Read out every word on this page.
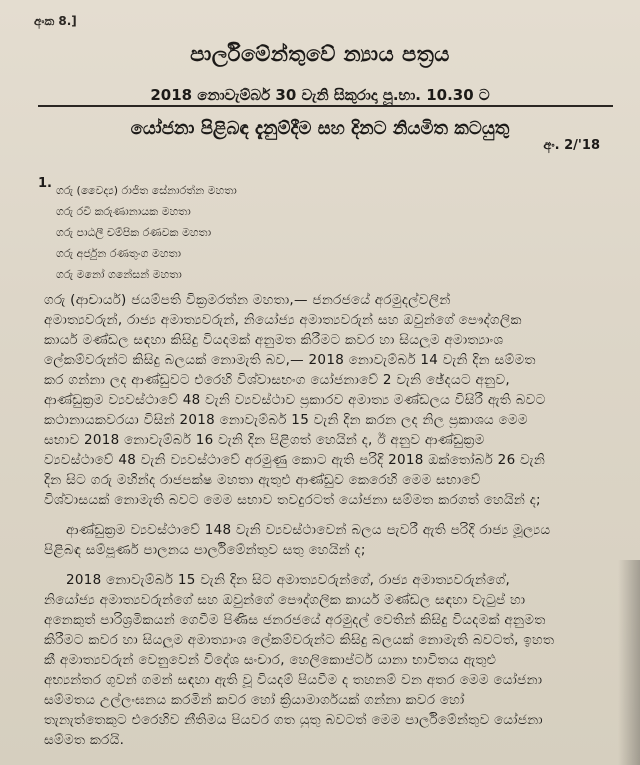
අංක 8.]
පාර්ලිමේන්තුවේ න්‍යාය පත්‍රය
2018 නොවැම්බර් 30 වැනි සිකුරාදා පූ.භා. 10.30 ට
යෝජනා පිළිබඳ දැනුම්දීම සහ දිනට නියමිත කටයුතු
අං. 2/'18
1. ගරු (වෛද්‍ය) රාජිත සේනාරත්න මහතා
ගරු රවි කරුණානායක මහතා
ගරු පාඨලී චම්පික රණවක මහතා
ගරු අර්ජුන රණතුංග මහතා
ගරු මනෝ ගනේසන් මහතා
ගරු (ආචාර්ය) ජයම්පති වික්‍රමරත්න මහතා,— ජනරජයේ අරමුදල්වලින්
අමාත්‍යවරුන්, රාජ්‍ය අමාත්‍යවරුන්, නියෝජ්‍ය අමාත්‍යවරුන් සහ ඔවුන්ගේ පෞද්ගලික
කාර්ය මණ්ඩල සඳහා කිසිදු වියදමක් අනුමත කිරීමට කවර හා සියලුම අමාත්‍යාංශ
ලේකම්වරුන්ට කිසිදු බලයක් නොමැති බව,— 2018 නොවැම්බර් 14 වැනි දින සම්මත
කර ගන්නා ලද ආණ්ඩුවට එරෙහි විශ්වාසභංග යෝජනාවේ 2 වැනි ඡේදයට අනුව,
ආණ්ඩුක්‍රම ව්‍යවස්ථාවේ 48 වැනි ව්‍යවස්ථාව ප්‍රකාරව අමාත්‍ය මණ්ඩලය විසිරී ඇති බවට
කථානායකවරයා විසින් 2018 නොවැම්බර් 15 වැනි දින කරන ලද නිල ප්‍රකාශය මෙම
සභාව 2018 නොවැම්බර් 16 වැනි දින පිළිගත් හෙයින් ද, ඊ අනුව ආණ්ඩුක්‍රම
ව්‍යවස්ථාවේ 48 වැනි ව්‍යවස්ථාවේ අරමුණු කොට ඇති පරිදි 2018 ඔක්තෝබර් 26 වැනි
දින සිට ගරු මහින්ද රාජපක්ෂ මහතා ඇතුළු ආණ්ඩුව කෙරෙහි මෙම සභාවේ
විශ්වාසයක් නොමැති බවට මෙම සභාව තවදුරටත් යෝජනා සම්මත කරගත් හෙයින් ද;
ආණ්ඩුක්‍රම ව්‍යවස්ථාවේ 148 වැනි ව්‍යවස්ථාවෙන් බලය පැවරී ඇති පරිදි රාජ්‍ය මූල්‍යය
පිළිබඳ සම්පූර්ණ පාලනය පාර්ලිමේන්තුව සතු හෙයින් ද;
2018 නොවැම්බර් 15 වැනි දින සිට අමාත්‍යවරුන්ගේ, රාජ්‍ය අමාත්‍යවරුන්ගේ,
නියෝජ්‍ය අමාත්‍යවරුන්ගේ සහ ඔවුන්ගේ පෞද්ගලික කාර්ය මණ්ඩල සඳහා වැටුප් හා
අනෙකුත් පාරිශ්‍රමිකයන් ගෙවීම පිණිස ජනරජයේ අරමුදල් වෙතින් කිසිදු වියදමක් අනුමත
කිරීමට කවර හා සියලුම අමාත්‍යාංශ ලේකම්වරුන්ට කිසිදු බලයක් නොමැති බවටත්, ඉහත
කී අමාත්‍යවරුන් වෙනුවෙන් විදේශ සංචාර, හෙලිකොප්ටර් යානා භාවිතය ඇතුළු
අභ්‍යන්තර ගුවන් ගමන් සඳහා ඇති වූ වියදම් පියවීම ද තහනම් වන අතර මෙම යෝජනා
සම්මතය උල්ලංඝනය කරමින් කවර හෝ ක්‍රියාමාර්ගයක් ගන්නා කවර හෝ
තැනැත්තෙකුට එරෙහිව නීතිමය පියවර ගත යුතු බවටත් මෙම පාර්ලිමේන්තුව යෝජනා
සම්මත කරයි.
